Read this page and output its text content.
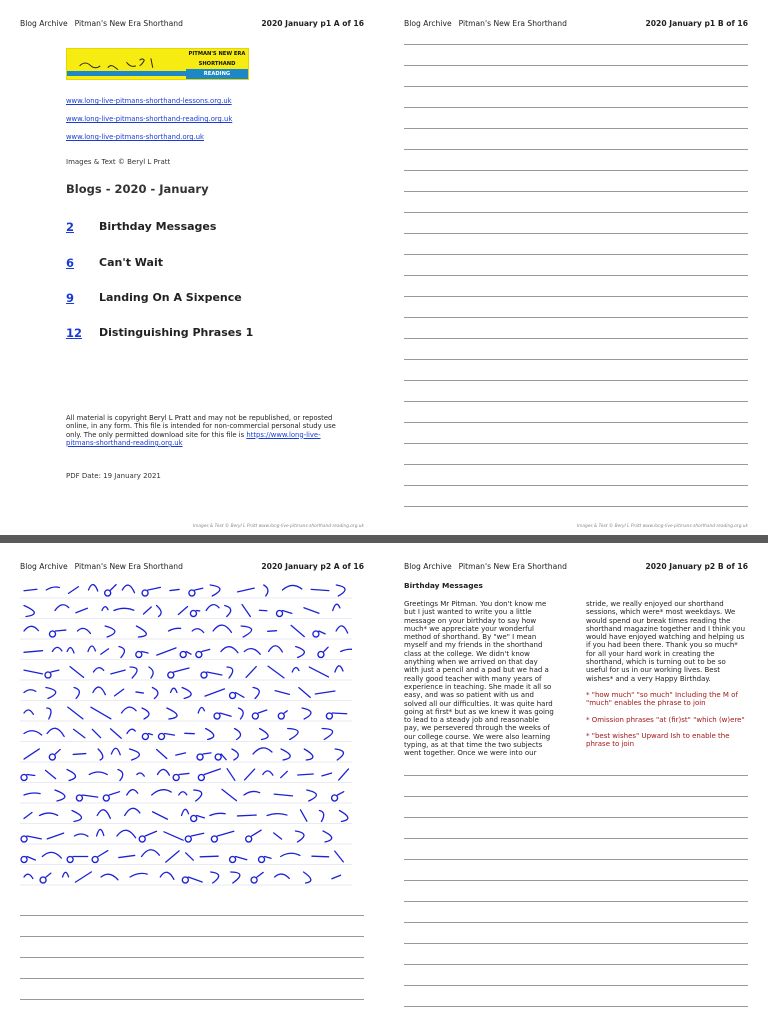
Blog Archive Pitman's New Era Shorthand	2020 January p1 A of 16
PITMAN'S NEW ERA
SHORTHAND
READING
www.long-live-pitmans-shorthand-lessons.org.uk
www.long-live-pitmans-shorthand-reading.org.uk
www.long-live-pitmans-shorthand.org.uk
Images & Text © Beryl L Pratt
Blogs - 2020 - January
2 Birthday Messages
6 Can't Wait
9 Landing On A Sixpence
12 Distinguishing Phrases 1
All material is copyright Beryl L Pratt and may not be republished, or reposted online, in any form. This file is intended for non-commercial personal study use only. The only permitted download site for this file is https://www.long-live-pitmans-shorthand-reading.org.uk
PDF Date: 19 January 2021
Images & Text © Beryl L Pratt www.long-live-pitmans-shorthand-reading.org.uk
Blog Archive Pitman's New Era Shorthand	2020 January p1 B of 16
Images & Text © Beryl L Pratt www.long-live-pitmans-shorthand-reading.org.uk
Blog Archive Pitman's New Era Shorthand	2020 January p2 A of 16	Blog Archive Pitman's New Era Shorthand	2020 January p2 B of 16
Birthday Messages

Greetings Mr Pitman. You don't know me but I just wanted to write you a little message on your birthday to say how much* we appreciate your wonderful method of shorthand. By "we" I mean myself and my friends in the shorthand class at the college. We didn't know anything when we arrived on that day with just a pencil and a pad but we had a really good teacher with many years of experience in teaching. She made it all so easy, and was so patient with us and solved all our difficulties. It was quite hard going at first* but as we knew it was going to lead to a steady job and reasonable pay, we persevered through the weeks of our college course. We were also learning typing, as at that time the two subjects went together. Once we were into our

stride, we really enjoyed our shorthand sessions, which were* most weekdays. We would spend our break times reading the shorthand magazine together and I think you would have enjoyed watching and helping us if you had been there. Thank you so much* for all your hard work in creating the shorthand, which is turning out to be so useful for us in our working lives. Best wishes* and a very Happy Birthday.

* "how much" "so much" Including the M of "much" enables the phrase to join

* Omission phrases "at (fir)st" "which (w)ere"

* "best wishes" Upward Ish to enable the phrase to join
